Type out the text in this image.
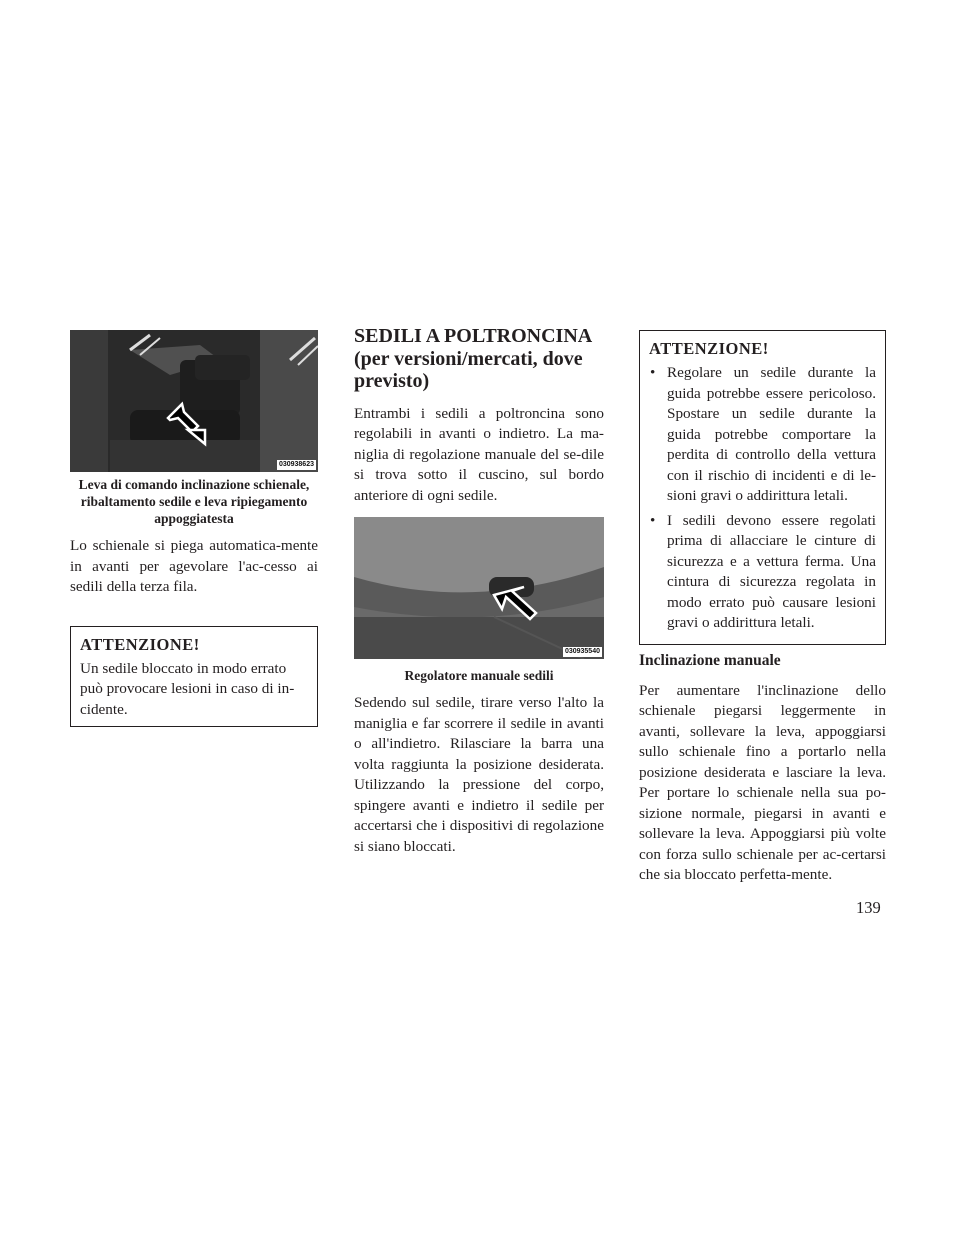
030938623
Leva di comando inclinazione schienale, ribaltamento sedile e leva ripiegamento appoggiatesta

Lo schienale si piega automatica-mente in avanti per agevolare l'ac-cesso ai sedili della terza fila.

ATTENZIONE!

Un sedile bloccato in modo errato può provocare lesioni in caso di in-cidente.

SEDILI A POLTRONCINA (per versioni/mercati, dove previsto)

Entrambi i sedili a poltroncina sono regolabili in avanti o indietro. La ma-niglia di regolazione manuale del se-dile si trova sotto il cuscino, sul bordo anteriore di ogni sedile.

030935540
Regolatore manuale sedili

Sedendo sul sedile, tirare verso l'alto la maniglia e far scorrere il sedile in avanti o all'indietro. Rilasciare la barra una volta raggiunta la posizione desiderata. Utilizzando la pressione del corpo, spingere avanti e indietro il sedile per accertarsi che i dispositivi di regolazione si siano bloccati.

ATTENZIONE!
• Regolare un sedile durante la guida potrebbe essere pericoloso. Spostare un sedile durante la guida potrebbe comportare la perdita di controllo della vettura con il rischio di incidenti e di le-sioni gravi o addirittura letali.
• I sedili devono essere regolati prima di allacciare le cinture di sicurezza e a vettura ferma. Una cintura di sicurezza regolata in modo errato può causare lesioni gravi o addirittura letali.
Inclinazione manuale

Per aumentare l'inclinazione dello schienale piegarsi leggermente in avanti, sollevare la leva, appoggiarsi sullo schienale fino a portarlo nella posizione desiderata e lasciare la leva. Per portare lo schienale nella sua po-sizione normale, piegarsi in avanti e sollevare la leva. Appoggiarsi più volte con forza sullo schienale per ac-certarsi che sia bloccato perfetta-mente.

139
